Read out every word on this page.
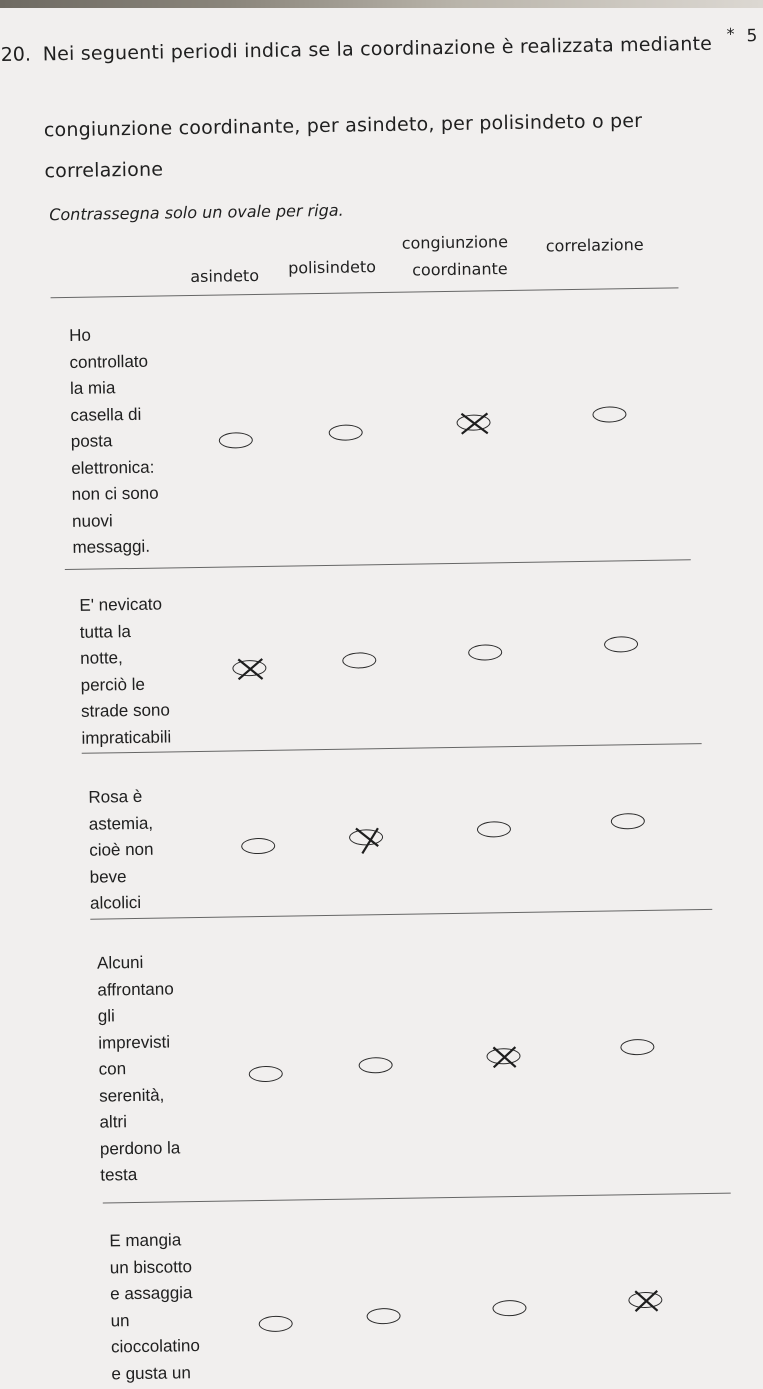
20. Nei seguenti periodi indica se la coordinazione è realizzata mediante
congiunzione coordinante, per asindeto, per polisindeto o per
correlazione
* 5
Contrassegna solo un ovale per riga.
asindeto polisindeto
congiunzione
coordinante
correlazione
Ho
controllato
la mia
casella di
posta
elettronica:
non ci sono
nuovi
messaggi.
E' nevicato
tutta la
notte,
perciò le
strade sono
impraticabili
Rosa è
astemia,
cioè non
beve
alcolici
Alcuni
affrontano
gli
imprevisti
con
serenità,
altri
perdono la
testa
E mangia
un biscotto
e assaggia
un
cioccolatino
e gusta un
